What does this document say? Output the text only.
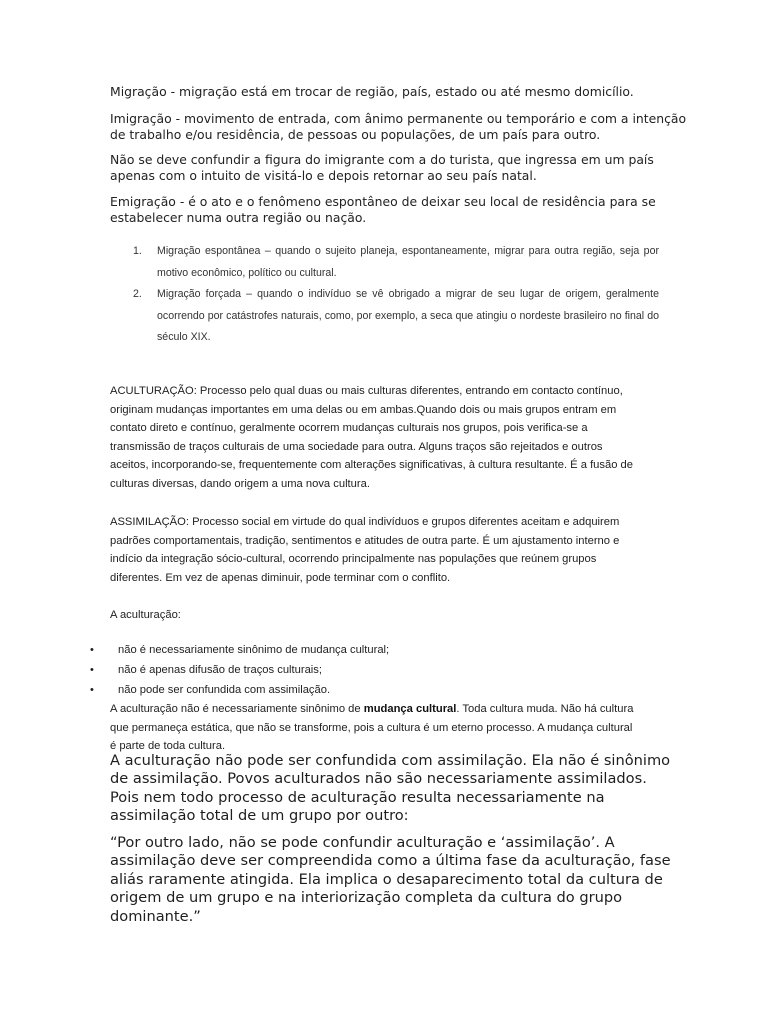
Migração - migração está em trocar de região, país, estado ou até mesmo domicílio.

Imigração - movimento de entrada, com ânimo permanente ou temporário e com a intenção

de trabalho e/ou residência, de pessoas ou populações, de um país para outro.

Não se deve confundir a figura do imigrante com a do turista, que ingressa em um país

apenas com o intuito de visitá-lo e depois retornar ao seu país natal.

Emigração - é o ato e o fenômeno espontâneo de deixar seu local de residência para se

estabelecer numa outra região ou nação.

1. Migração espontânea – quando o sujeito planeja, espontaneamente, migrar para outra região, seja por motivo econômico, político ou cultural.
2. Migração forçada – quando o indivíduo se vê obrigado a migrar de seu lugar de origem, geralmente ocorrendo por catástrofes naturais, como, por exemplo, a seca que atingiu o nordeste brasileiro no final do século XIX.

ACULTURAÇÃO: Processo pelo qual duas ou mais culturas diferentes, entrando em contacto contínuo,

originam mudanças importantes em uma delas ou em ambas.Quando dois ou mais grupos entram em

contato direto e contínuo, geralmente ocorrem mudanças culturais nos grupos, pois verifica-se a

transmissão de traços culturais de uma sociedade para outra. Alguns traços são rejeitados e outros

aceitos, incorporando-se, frequentemente com alterações significativas, à cultura resultante. É a fusão de

culturas diversas, dando origem a uma nova cultura.

ASSIMILAÇÃO: Processo social em virtude do qual indivíduos e grupos diferentes aceitam e adquirem

padrões comportamentais, tradição, sentimentos e atitudes de outra parte. É um ajustamento interno e

indício da integração sócio-cultural, ocorrendo principalmente nas populações que reúnem grupos

diferentes. Em vez de apenas diminuir, pode terminar com o conflito.

A aculturação:

• não é necessariamente sinônimo de mudança cultural;
• não é apenas difusão de traços culturais;
• não pode ser confundida com assimilação.

A aculturação não é necessariamente sinônimo de mudança cultural. Toda cultura muda. Não há cultura

que permaneça estática, que não se transforme, pois a cultura é um eterno processo. A mudança cultural

é parte de toda cultura.

A aculturação não pode ser confundida com assimilação. Ela não é sinônimo

de assimilação. Povos aculturados não são necessariamente assimilados.

Pois nem todo processo de aculturação resulta necessariamente na

assimilação total de um grupo por outro:

“Por outro lado, não se pode confundir aculturação e ‘assimilação’. A

assimilação deve ser compreendida como a última fase da aculturação, fase

aliás raramente atingida. Ela implica o desaparecimento total da cultura de

origem de um grupo e na interiorização completa da cultura do grupo

dominante.”
